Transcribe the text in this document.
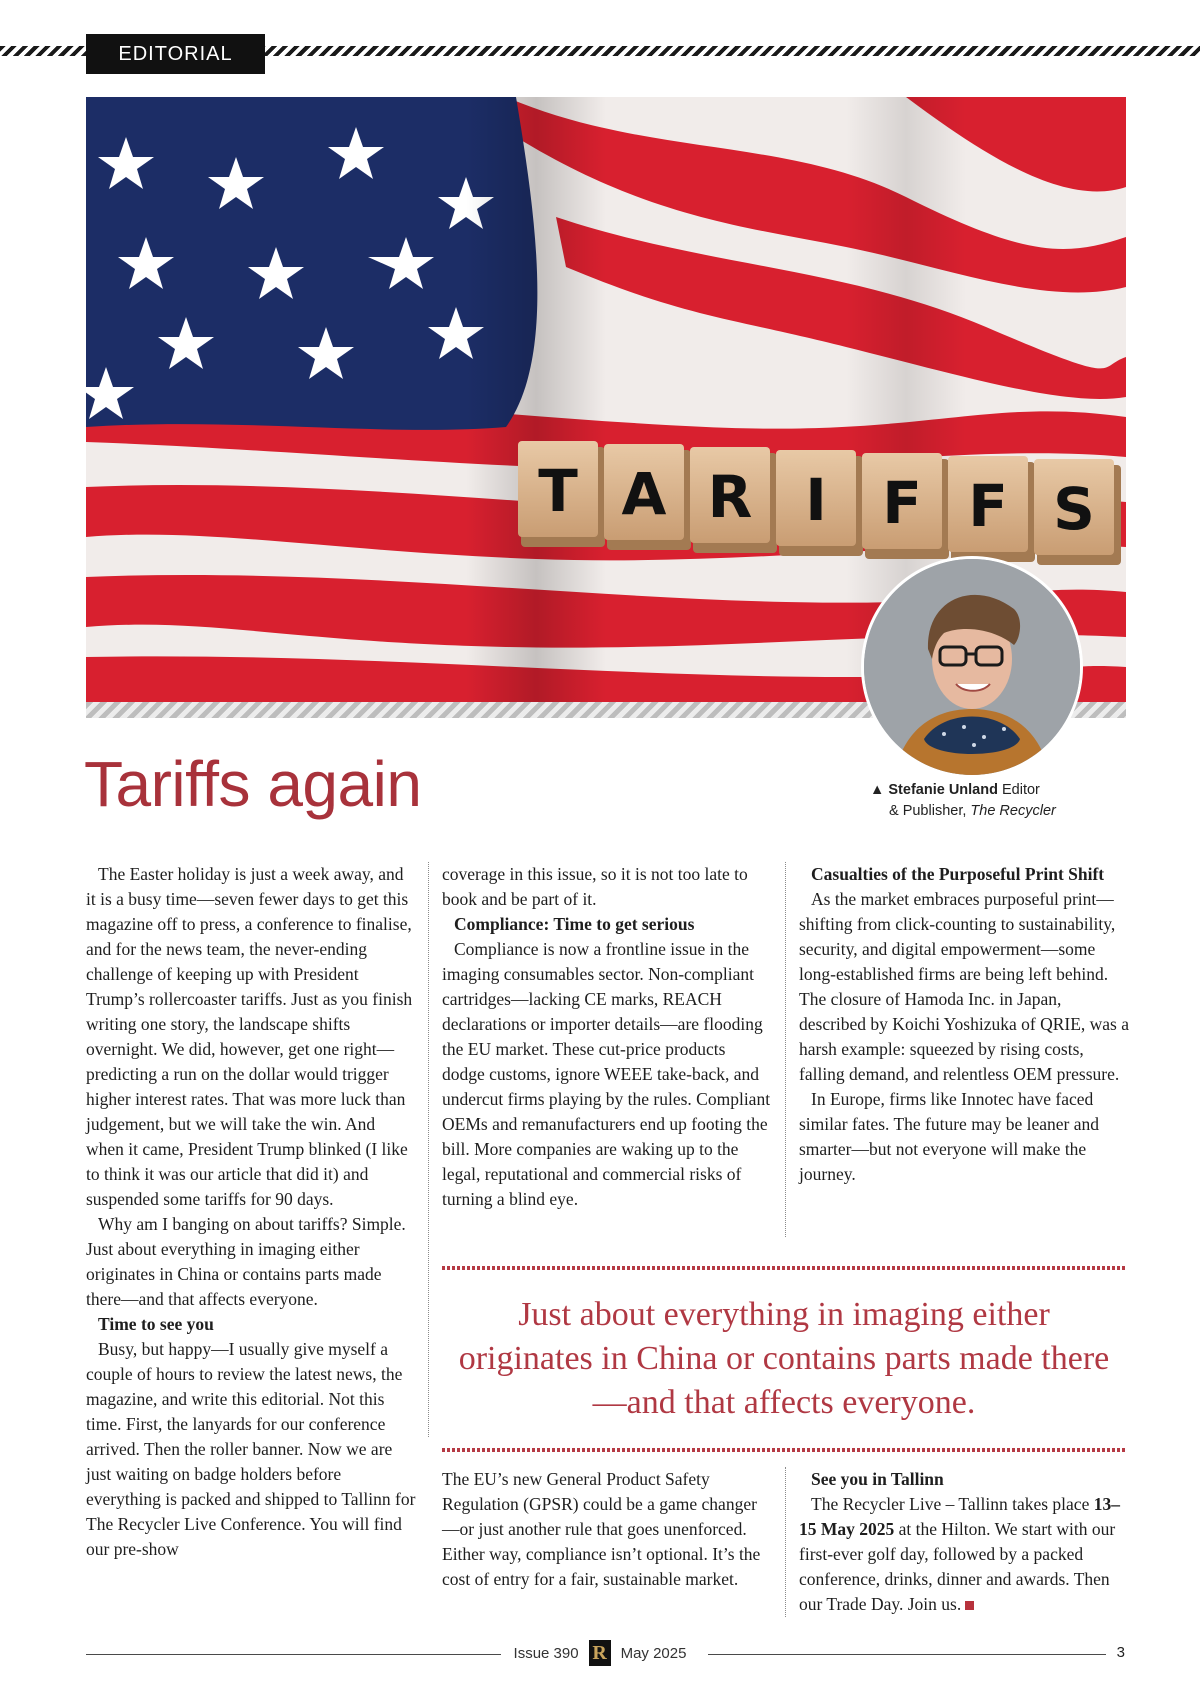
EDITORIAL
T A R I F F S
▲ Stefanie Unland Editor
& Publisher, The Recycler
Tariffs again

The Easter holiday is just a week away, and it is a busy time—seven fewer days to get this magazine off to press, a conference to finalise, and for the news team, the never-ending challenge of keeping up with President Trump’s rollercoaster tariffs. Just as you finish writing one story, the landscape shifts overnight. We did, however, get one right—predicting a run on the dollar would trigger higher interest rates. That was more luck than judgement, but we will take the win. And when it came, President Trump blinked (I like to think it was our article that did it) and suspended some tariffs for 90 days.

Why am I banging on about tariffs? Simple. Just about everything in imaging either originates in China or contains parts made there—and that affects everyone.

Time to see you

Busy, but happy—I usually give myself a couple of hours to review the latest news, the magazine, and write this editorial. Not this time. First, the lanyards for our conference arrived. Then the roller banner. Now we are just waiting on badge holders before everything is packed and shipped to Tallinn for The Recycler Live Conference. You will find our pre-show

coverage in this issue, so it is not too late to book and be part of it.

Compliance: Time to get serious

Compliance is now a frontline issue in the imaging consumables sector. Non-compliant cartridges—lacking CE marks, REACH declarations or importer details—are flooding the EU market. These cut-price products dodge customs, ignore WEEE take-back, and undercut firms playing by the rules. Compliant OEMs and remanufacturers end up footing the bill. More companies are waking up to the legal, reputational and commercial risks of turning a blind eye.

Casualties of the Purposeful Print Shift

As the market embraces purposeful print—shifting from click-counting to sustainability, security, and digital empowerment—some long-established firms are being left behind. The closure of Hamoda Inc. in Japan, described by Koichi Yoshizuka of QRIE, was a harsh example: squeezed by rising costs, falling demand, and relentless OEM pressure.

In Europe, firms like Innotec have faced similar fates. The future may be leaner and smarter—but not everyone will make the journey.

Just about everything in imaging either originates in China or contains parts made there—and that affects everyone.

The EU’s new General Product Safety Regulation (GPSR) could be a game changer—or just another rule that goes unenforced. Either way, compliance isn’t optional. It’s the cost of entry for a fair, sustainable market.

See you in Tallinn

The Recycler Live – Tallinn takes place 13–15 May 2025 at the Hilton. We start with our first-ever golf day, followed by a packed conference, drinks, dinner and awards. Then our Trade Day. Join us.

Issue 390 R May 2025	3
